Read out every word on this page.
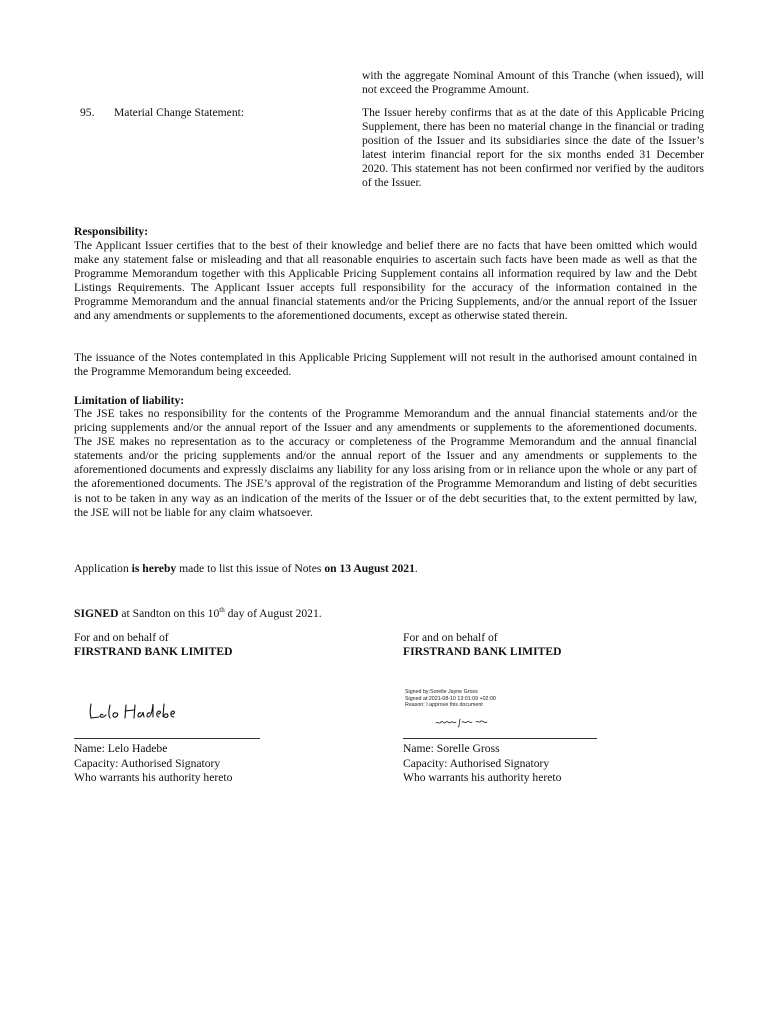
with the aggregate Nominal Amount of this Tranche (when issued), will not exceed the Programme Amount.
95. Material Change Statement:	The Issuer hereby confirms that as at the date of this Applicable Pricing Supplement, there has been no material change in the financial or trading position of the Issuer and its subsidiaries since the date of the Issuer’s latest interim financial report for the six months ended 31 December 2020. This statement has not been confirmed nor verified by the auditors of the Issuer.
Responsibility:
The Applicant Issuer certifies that to the best of their knowledge and belief there are no facts that have been omitted which would make any statement false or misleading and that all reasonable enquiries to ascertain such facts have been made as well as that the Programme Memorandum together with this Applicable Pricing Supplement contains all information required by law and the Debt Listings Requirements. The Applicant Issuer accepts full responsibility for the accuracy of the information contained in the Programme Memorandum and the annual financial statements and/or the Pricing Supplements, and/or the annual report of the Issuer and any amendments or supplements to the aforementioned documents, except as otherwise stated therein.
The issuance of the Notes contemplated in this Applicable Pricing Supplement will not result in the authorised amount contained in the Programme Memorandum being exceeded.
Limitation of liability:
The JSE takes no responsibility for the contents of the Programme Memorandum and the annual financial statements and/or the pricing supplements and/or the annual report of the Issuer and any amendments or supplements to the aforementioned documents. The JSE makes no representation as to the accuracy or completeness of the Programme Memorandum and the annual financial statements and/or the pricing supplements and/or the annual report of the Issuer and any amendments or supplements to the aforementioned documents and expressly disclaims any liability for any loss arising from or in reliance upon the whole or any part of the aforementioned documents. The JSE’s approval of the registration of the Programme Memorandum and listing of debt securities is not to be taken in any way as an indication of the merits of the Issuer or of the debt securities that, to the extent permitted by law, the JSE will not be liable for any claim whatsoever.
Application is hereby made to list this issue of Notes on 13 August 2021.
SIGNED at Sandton on this 10th day of August 2021.
For and on behalf of
FIRSTRAND BANK LIMITED
Name: Lelo Hadebe
Capacity: Authorised Signatory
Who warrants his authority hereto
For and on behalf of
FIRSTRAND BANK LIMITED
Signed by:Sorelle Jayne Gross
Signed at:2021-08-10 13:01:09 +02:00
Reason: I approve this document
Name: Sorelle Gross
Capacity: Authorised Signatory
Who warrants his authority hereto
